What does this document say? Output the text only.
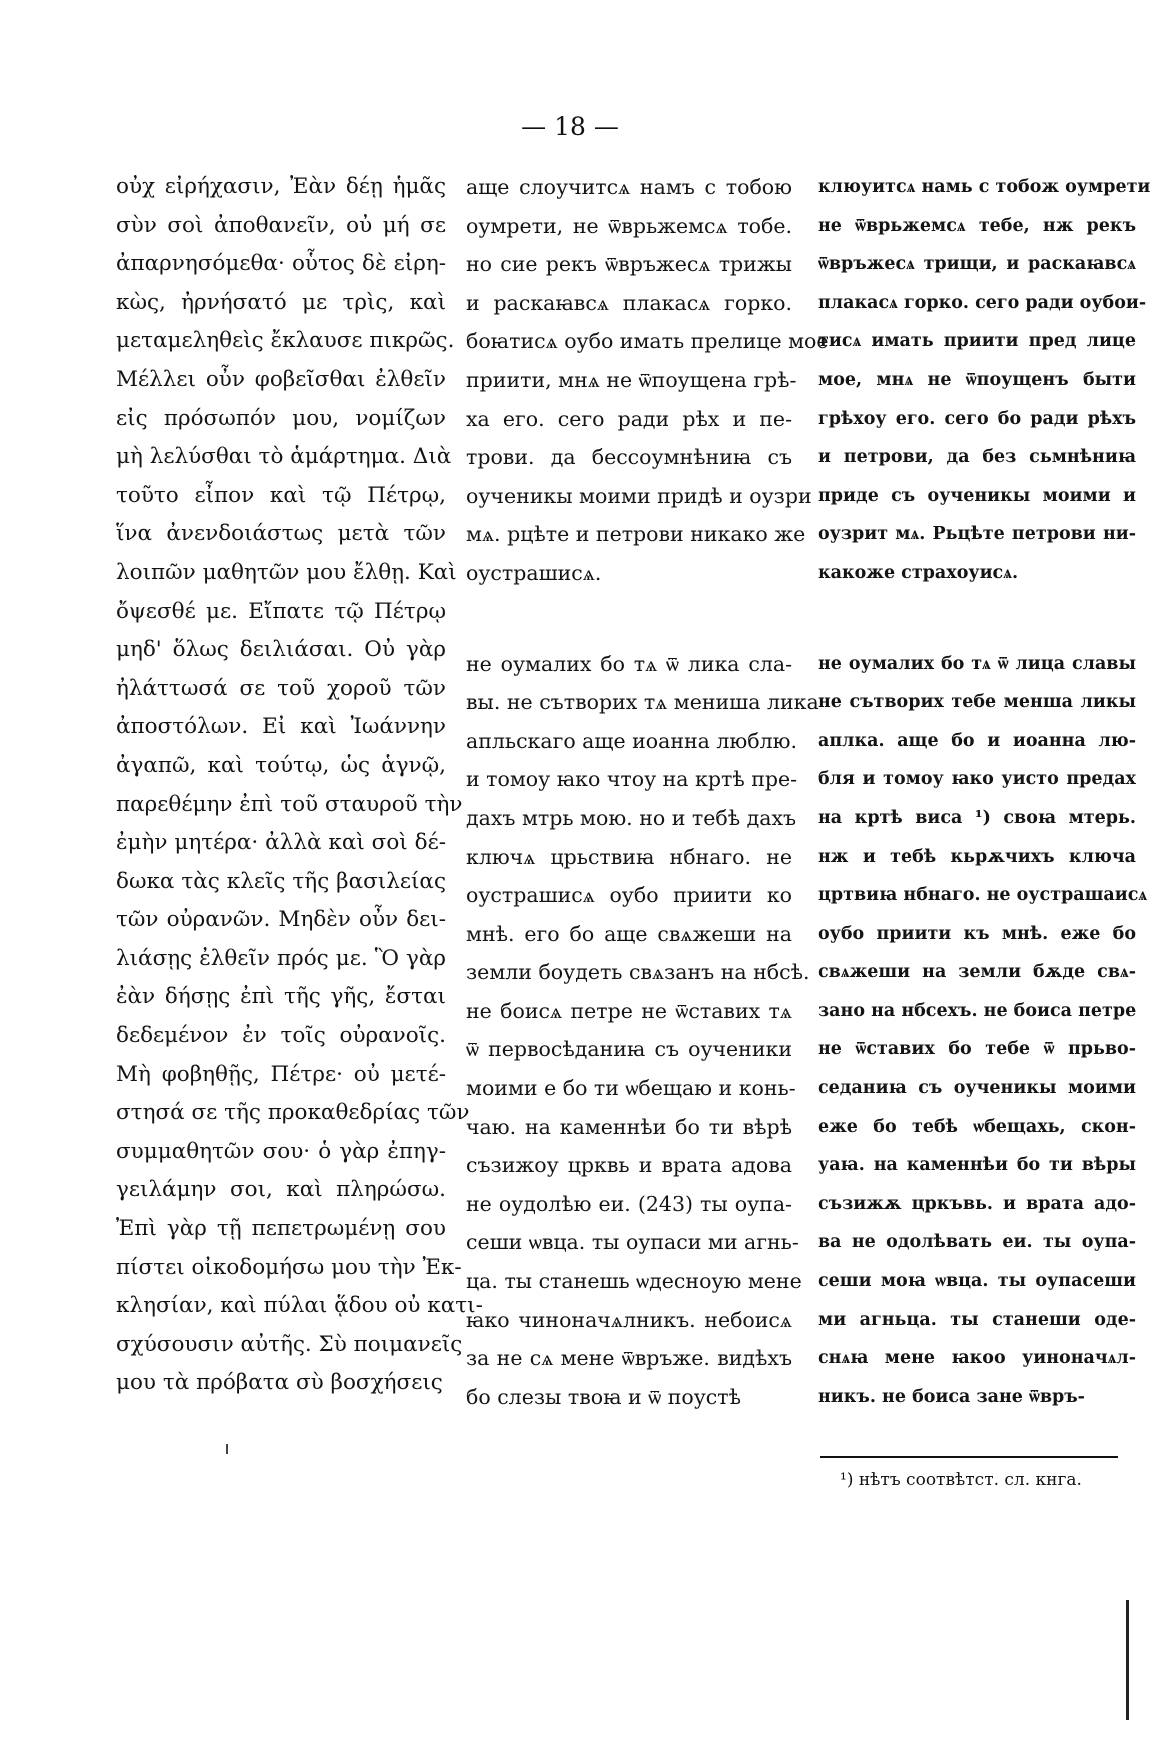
— 18 —
οὐχ εἰρήχασιν, Ἐὰν δέῃ ἡμᾶς
σὺν σοὶ ἀποθανεῖν, οὐ μή σε
ἀπαρνησόμεθα· οὗτος δὲ εἰρη-
κὼς, ἠρνήσατό με τρὶς, καὶ
μεταμεληθεὶς ἔκλαυσε πικρῶς.
Μέλλει οὖν φοβεῖσθαι ἐλθεῖν
εἰς πρόσωπόν μου, νομίζων
μὴ λελύσθαι τὸ ἁμάρτημα. Διὰ
τοῦτο εἶπον καὶ τῷ Πέτρῳ,
ἵνα ἀνενδοιάστως μετὰ τῶν
λοιπῶν μαθητῶν μου ἔλθῃ. Καὶ
ὄψεσθέ με. Εἴπατε τῷ Πέτρῳ
μηδ' ὅλως δειλιάσαι. Οὐ γὰρ
ἠλάττωσά σε τοῦ χοροῦ τῶν
ἀποστόλων. Εἰ καὶ Ἰωάννην
ἀγαπῶ, καὶ τούτῳ, ὡς ἁγνῷ,
παρεθέμην ἐπὶ τοῦ σταυροῦ τὴν
ἐμὴν μητέρα· ἀλλὰ καὶ σοὶ δέ-
δωκα τὰς κλεῖς τῆς βασιλείας
τῶν οὐρανῶν. Μηδὲν οὖν δει-
λιάσῃς ἐλθεῖν πρός με. Ὃ γὰρ
ἐὰν δήσῃς ἐπὶ τῆς γῆς, ἔσται
δεδεμένον ἐν τοῖς οὐρανοῖς.
Μὴ φοβηθῇς, Πέτρε· οὐ μετέ-
στησά σε τῆς προκαθεδρίας τῶν
συμμαθητῶν σου· ὁ γὰρ ἐπηγ-
γειλάμην σοι, καὶ πληρώσω.
Ἐπὶ γὰρ τῇ πεπετρωμένῃ σου
πίστει οἰκοδομήσω μου τὴν Ἐκ-
κλησίαν, καὶ πύλαι ᾅδου οὐ κατι-
σχύσουσιν αὐτῆς. Σὺ ποιμανεῖς
μου τὰ πρόβατα σὺ βοσχήσεις
аще слоучитсѧ намъ с тобою
оумрети, не ѿврьжемсѧ тобе.
но сие рекъ ѿвръжесѧ трижы
и раскаꙗвсѧ плакасѧ горко.
боꙗтисѧ оубо имать прелице мое
приити, мнѧ не ѿпоущена грѣ-
ха его. сего ради рѣх и пе-
трови. да бессоумнѣниꙗ съ
оученикы моими придѣ и оузри
мѧ. рцѣте и петрови никако же
оустрашисѧ.
не оумалих бо тѧ ѿ лика сла-
вы. не сътворих тѧ мениша лика
апльскаго аще иоанна люблю.
и томоу ꙗко чтоу на кртѣ пре-
дахъ мтрь мою. но и тебѣ дахъ
ключѧ црьствиꙗ нбнаго. не
оустрашисѧ оубо приити ко
мнѣ. его бо аще свѧжеши на
земли боудеть свѧзанъ на нбсѣ.
не боисѧ петре не ѿставих тѧ
ѿ первосѣданиꙗ съ оученики
моими е бо ти ѡбещаю и конь-
чаю. на каменнѣи бо ти вѣрѣ
съзижоу црквь и врата адова
не оудолѣю еи. (243) ты оупа-
сеши ѡвца. ты оупаси ми агнь-
ца. ты станешь ѡдесноую мене
ꙗко чиноначѧлникъ. небоисѧ
за не сѧ мене ѿвръже. видѣхъ
бо слезы твоꙗ и ѿ поустѣ
клюуитсѧ намь с тобож оумрети
не ѿврьжемсѧ тебе, нж рекъ
ѿвръжесѧ трищи, и раскаꙗвсѧ
плакасѧ горко. сего ради оубои-
тисѧ имать приити пред лице
мое, мнѧ не ѿпоущенъ быти
грѣхоу его. сего бо ради рѣхъ
и петрови, да без сьмнѣниꙗ
приде съ оученикы моими и
оузрит мѧ. Рьцѣте петрови ни-
какоже страхоуисѧ.
не оумалих бо тѧ ѿ лица славы
не сътворих тебе менша ликы
аплка. аще бо и иоанна лю-
бля и томоу ꙗко уисто предах
на кртѣ виса ¹) своꙗ мтерь.
нж и тебѣ кьрѫчихъ ключа
цртвиꙗ нбнаго. не оустрашаисѧ
оубо приити къ мнѣ. еже бо
свѧжеши на земли бѫде свѧ-
зано на нбсехъ. не боиса петре
не ѿставих бо тебе ѿ прьво-
седаниꙗ съ оученикы моими
еже бо тебѣ ѡбещахь, скон-
уаꙗ. на каменнѣи бо ти вѣры
съзижѫ цркъвь. и врата адо-
ва не одолѣвать еи. ты оупа-
сеши моꙗ ѡвца. ты оупасеши
ми агньца. ты станеши оде-
снѧꙗ мене ꙗкоо уиноначѧл-
никъ. не боиса зане ѿвръ-
¹) нѣтъ соотвѣтст. сл. кнга.
